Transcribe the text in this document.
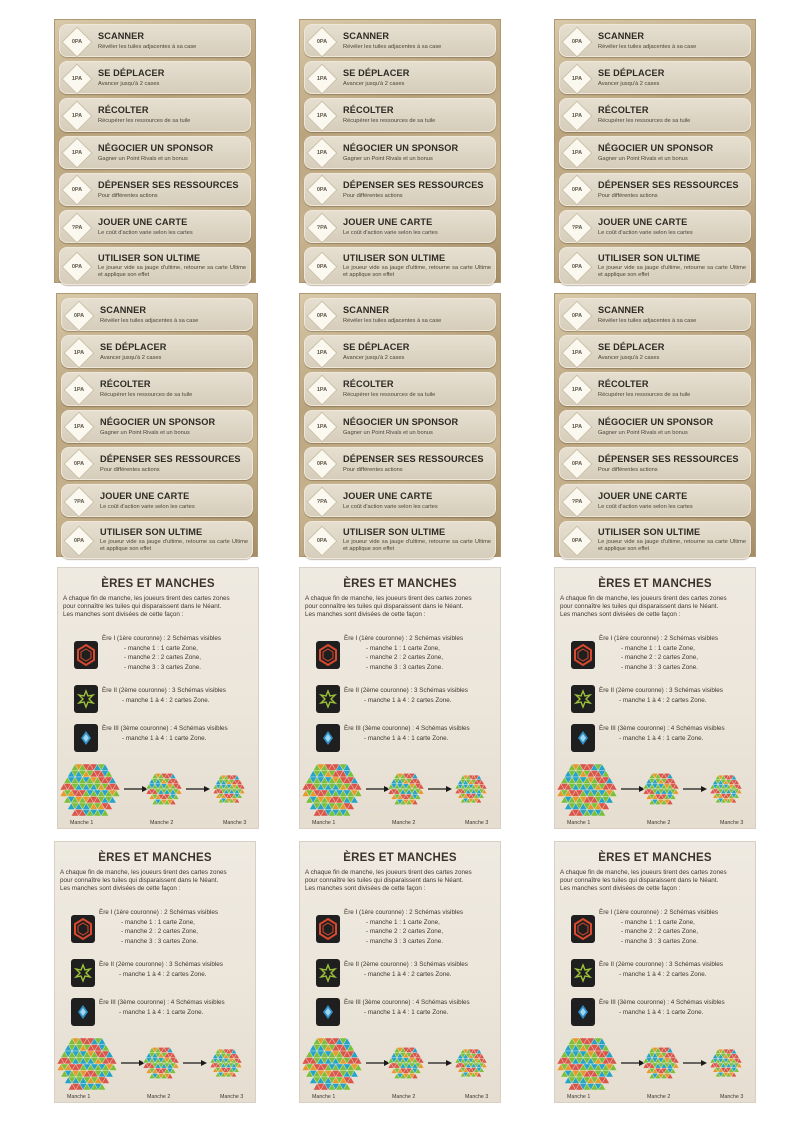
0PA
SCANNER
Révéler les tuiles adjacentes à sa case
1PA
SE DÉPLACER
Avancer jusqu'à 2 cases
1PA
RÉCOLTER
Récupérer les ressources de sa tuile
1PA
NÉGOCIER UN SPONSOR
Gagner un Point Rivals et un bonus
0PA
DÉPENSER SES RESSOURCES
Pour différentes actions
?PA
JOUER UNE CARTE
Le coût d'action varie selon les cartes
0PA
UTILISER SON ULTIME
Le joueur vide sa jauge d'ultime, retourne sa carte Ultime et applique son effet
0PA
SCANNER
Révéler les tuiles adjacentes à sa case
1PA
SE DÉPLACER
Avancer jusqu'à 2 cases
1PA
RÉCOLTER
Récupérer les ressources de sa tuile
1PA
NÉGOCIER UN SPONSOR
Gagner un Point Rivals et un bonus
0PA
DÉPENSER SES RESSOURCES
Pour différentes actions
?PA
JOUER UNE CARTE
Le coût d'action varie selon les cartes
0PA
UTILISER SON ULTIME
Le joueur vide sa jauge d'ultime, retourne sa carte Ultime et applique son effet
0PA
SCANNER
Révéler les tuiles adjacentes à sa case
1PA
SE DÉPLACER
Avancer jusqu'à 2 cases
1PA
RÉCOLTER
Récupérer les ressources de sa tuile
1PA
NÉGOCIER UN SPONSOR
Gagner un Point Rivals et un bonus
0PA
DÉPENSER SES RESSOURCES
Pour différentes actions
?PA
JOUER UNE CARTE
Le coût d'action varie selon les cartes
0PA
UTILISER SON ULTIME
Le joueur vide sa jauge d'ultime, retourne sa carte Ultime et applique son effet
0PA
SCANNER
Révéler les tuiles adjacentes à sa case
1PA
SE DÉPLACER
Avancer jusqu'à 2 cases
1PA
RÉCOLTER
Récupérer les ressources de sa tuile
1PA
NÉGOCIER UN SPONSOR
Gagner un Point Rivals et un bonus
0PA
DÉPENSER SES RESSOURCES
Pour différentes actions
?PA
JOUER UNE CARTE
Le coût d'action varie selon les cartes
0PA
UTILISER SON ULTIME
Le joueur vide sa jauge d'ultime, retourne sa carte Ultime et applique son effet
0PA
SCANNER
Révéler les tuiles adjacentes à sa case
1PA
SE DÉPLACER
Avancer jusqu'à 2 cases
1PA
RÉCOLTER
Récupérer les ressources de sa tuile
1PA
NÉGOCIER UN SPONSOR
Gagner un Point Rivals et un bonus
0PA
DÉPENSER SES RESSOURCES
Pour différentes actions
?PA
JOUER UNE CARTE
Le coût d'action varie selon les cartes
0PA
UTILISER SON ULTIME
Le joueur vide sa jauge d'ultime, retourne sa carte Ultime et applique son effet
0PA
SCANNER
Révéler les tuiles adjacentes à sa case
1PA
SE DÉPLACER
Avancer jusqu'à 2 cases
1PA
RÉCOLTER
Récupérer les ressources de sa tuile
1PA
NÉGOCIER UN SPONSOR
Gagner un Point Rivals et un bonus
0PA
DÉPENSER SES RESSOURCES
Pour différentes actions
?PA
JOUER UNE CARTE
Le coût d'action varie selon les cartes
0PA
UTILISER SON ULTIME
Le joueur vide sa jauge d'ultime, retourne sa carte Ultime et applique son effet
ÈRES ET MANCHES
A chaque fin de manche, les joueurs tirent des cartes zones
pour connaître les tuiles qui disparaissent dans le Néant.
Les manches sont divisées de cette façon :
Ère I (1ère couronne) : 2 Schémas visibles
- manche 1 : 1 carte Zone,
- manche 2 : 2 cartes Zone,
- manche 3 : 3 cartes Zone.
Ère II (2ème couronne) : 3 Schémas visibles
- manche 1 à 4 : 2 cartes Zone.
Ère III (3ème couronne) : 4 Schémas visibles
- manche 1 à 4 : 1 carte Zone.
Manche 1	Manche 2	Manche 3
ÈRES ET MANCHES
A chaque fin de manche, les joueurs tirent des cartes zones
pour connaître les tuiles qui disparaissent dans le Néant.
Les manches sont divisées de cette façon :
Ère I (1ère couronne) : 2 Schémas visibles
- manche 1 : 1 carte Zone,
- manche 2 : 2 cartes Zone,
- manche 3 : 3 cartes Zone.
Ère II (2ème couronne) : 3 Schémas visibles
- manche 1 à 4 : 2 cartes Zone.
Ère III (3ème couronne) : 4 Schémas visibles
- manche 1 à 4 : 1 carte Zone.
Manche 1	Manche 2	Manche 3
ÈRES ET MANCHES
A chaque fin de manche, les joueurs tirent des cartes zones
pour connaître les tuiles qui disparaissent dans le Néant.
Les manches sont divisées de cette façon :
Ère I (1ère couronne) : 2 Schémas visibles
- manche 1 : 1 carte Zone,
- manche 2 : 2 cartes Zone,
- manche 3 : 3 cartes Zone.
Ère II (2ème couronne) : 3 Schémas visibles
- manche 1 à 4 : 2 cartes Zone.
Ère III (3ème couronne) : 4 Schémas visibles
- manche 1 à 4 : 1 carte Zone.
Manche 1	Manche 2	Manche 3
ÈRES ET MANCHES
A chaque fin de manche, les joueurs tirent des cartes zones
pour connaître les tuiles qui disparaissent dans le Néant.
Les manches sont divisées de cette façon :
Ère I (1ère couronne) : 2 Schémas visibles
- manche 1 : 1 carte Zone,
- manche 2 : 2 cartes Zone,
- manche 3 : 3 cartes Zone.
Ère II (2ème couronne) : 3 Schémas visibles
- manche 1 à 4 : 2 cartes Zone.
Ère III (3ème couronne) : 4 Schémas visibles
- manche 1 à 4 : 1 carte Zone.
Manche 1	Manche 2	Manche 3
ÈRES ET MANCHES
A chaque fin de manche, les joueurs tirent des cartes zones
pour connaître les tuiles qui disparaissent dans le Néant.
Les manches sont divisées de cette façon :
Ère I (1ère couronne) : 2 Schémas visibles
- manche 1 : 1 carte Zone,
- manche 2 : 2 cartes Zone,
- manche 3 : 3 cartes Zone.
Ère II (2ème couronne) : 3 Schémas visibles
- manche 1 à 4 : 2 cartes Zone.
Ère III (3ème couronne) : 4 Schémas visibles
- manche 1 à 4 : 1 carte Zone.
Manche 1	Manche 2	Manche 3
ÈRES ET MANCHES
A chaque fin de manche, les joueurs tirent des cartes zones
pour connaître les tuiles qui disparaissent dans le Néant.
Les manches sont divisées de cette façon :
Ère I (1ère couronne) : 2 Schémas visibles
- manche 1 : 1 carte Zone,
- manche 2 : 2 cartes Zone,
- manche 3 : 3 cartes Zone.
Ère II (2ème couronne) : 3 Schémas visibles
- manche 1 à 4 : 2 cartes Zone.
Ère III (3ème couronne) : 4 Schémas visibles
- manche 1 à 4 : 1 carte Zone.
Manche 1	Manche 2	Manche 3
